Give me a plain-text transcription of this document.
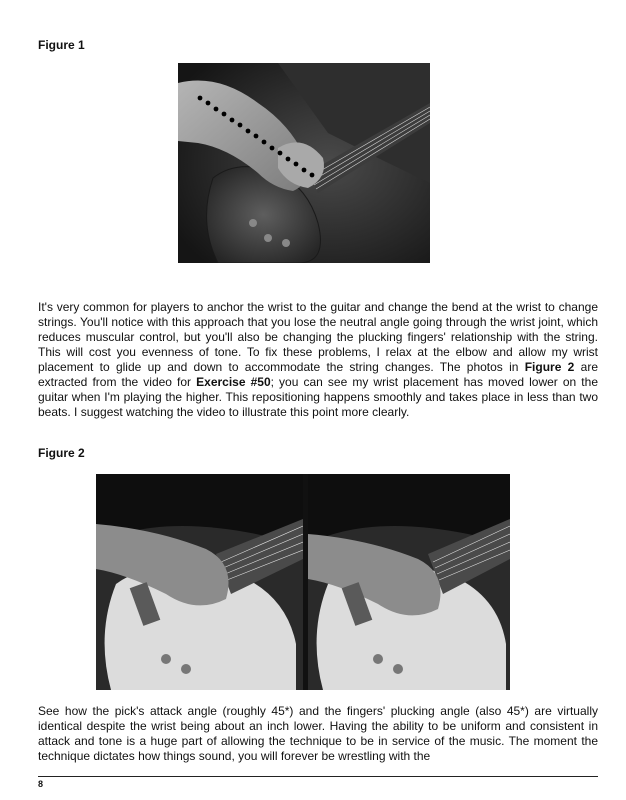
Figure 1

It's very common for players to anchor the wrist to the guitar and change the bend at the wrist to change strings. You'll notice with this approach that you lose the neutral angle going through the wrist joint, which reduces muscular control, but you'll also be changing the plucking fingers' relationship with the string. This will cost you evenness of tone. To fix these problems, I relax at the elbow and allow my wrist placement to glide up and down to accommodate the string changes. The photos in Figure 2 are extracted from the video for Exercise #50; you can see my wrist placement has moved lower on the guitar when I'm playing the higher. This repositioning happens smoothly and takes place in less than two beats. I suggest watching the video to illustrate this point more clearly.

Figure 2

See how the pick's attack angle (roughly 45*) and the fingers' plucking angle (also 45*) are virtually identical despite the wrist being about an inch lower. Having the ability to be uniform and consistent in attack and tone is a huge part of allowing the technique to be in service of the music. The moment the technique dictates how things sound, you will forever be wrestling with the

8
